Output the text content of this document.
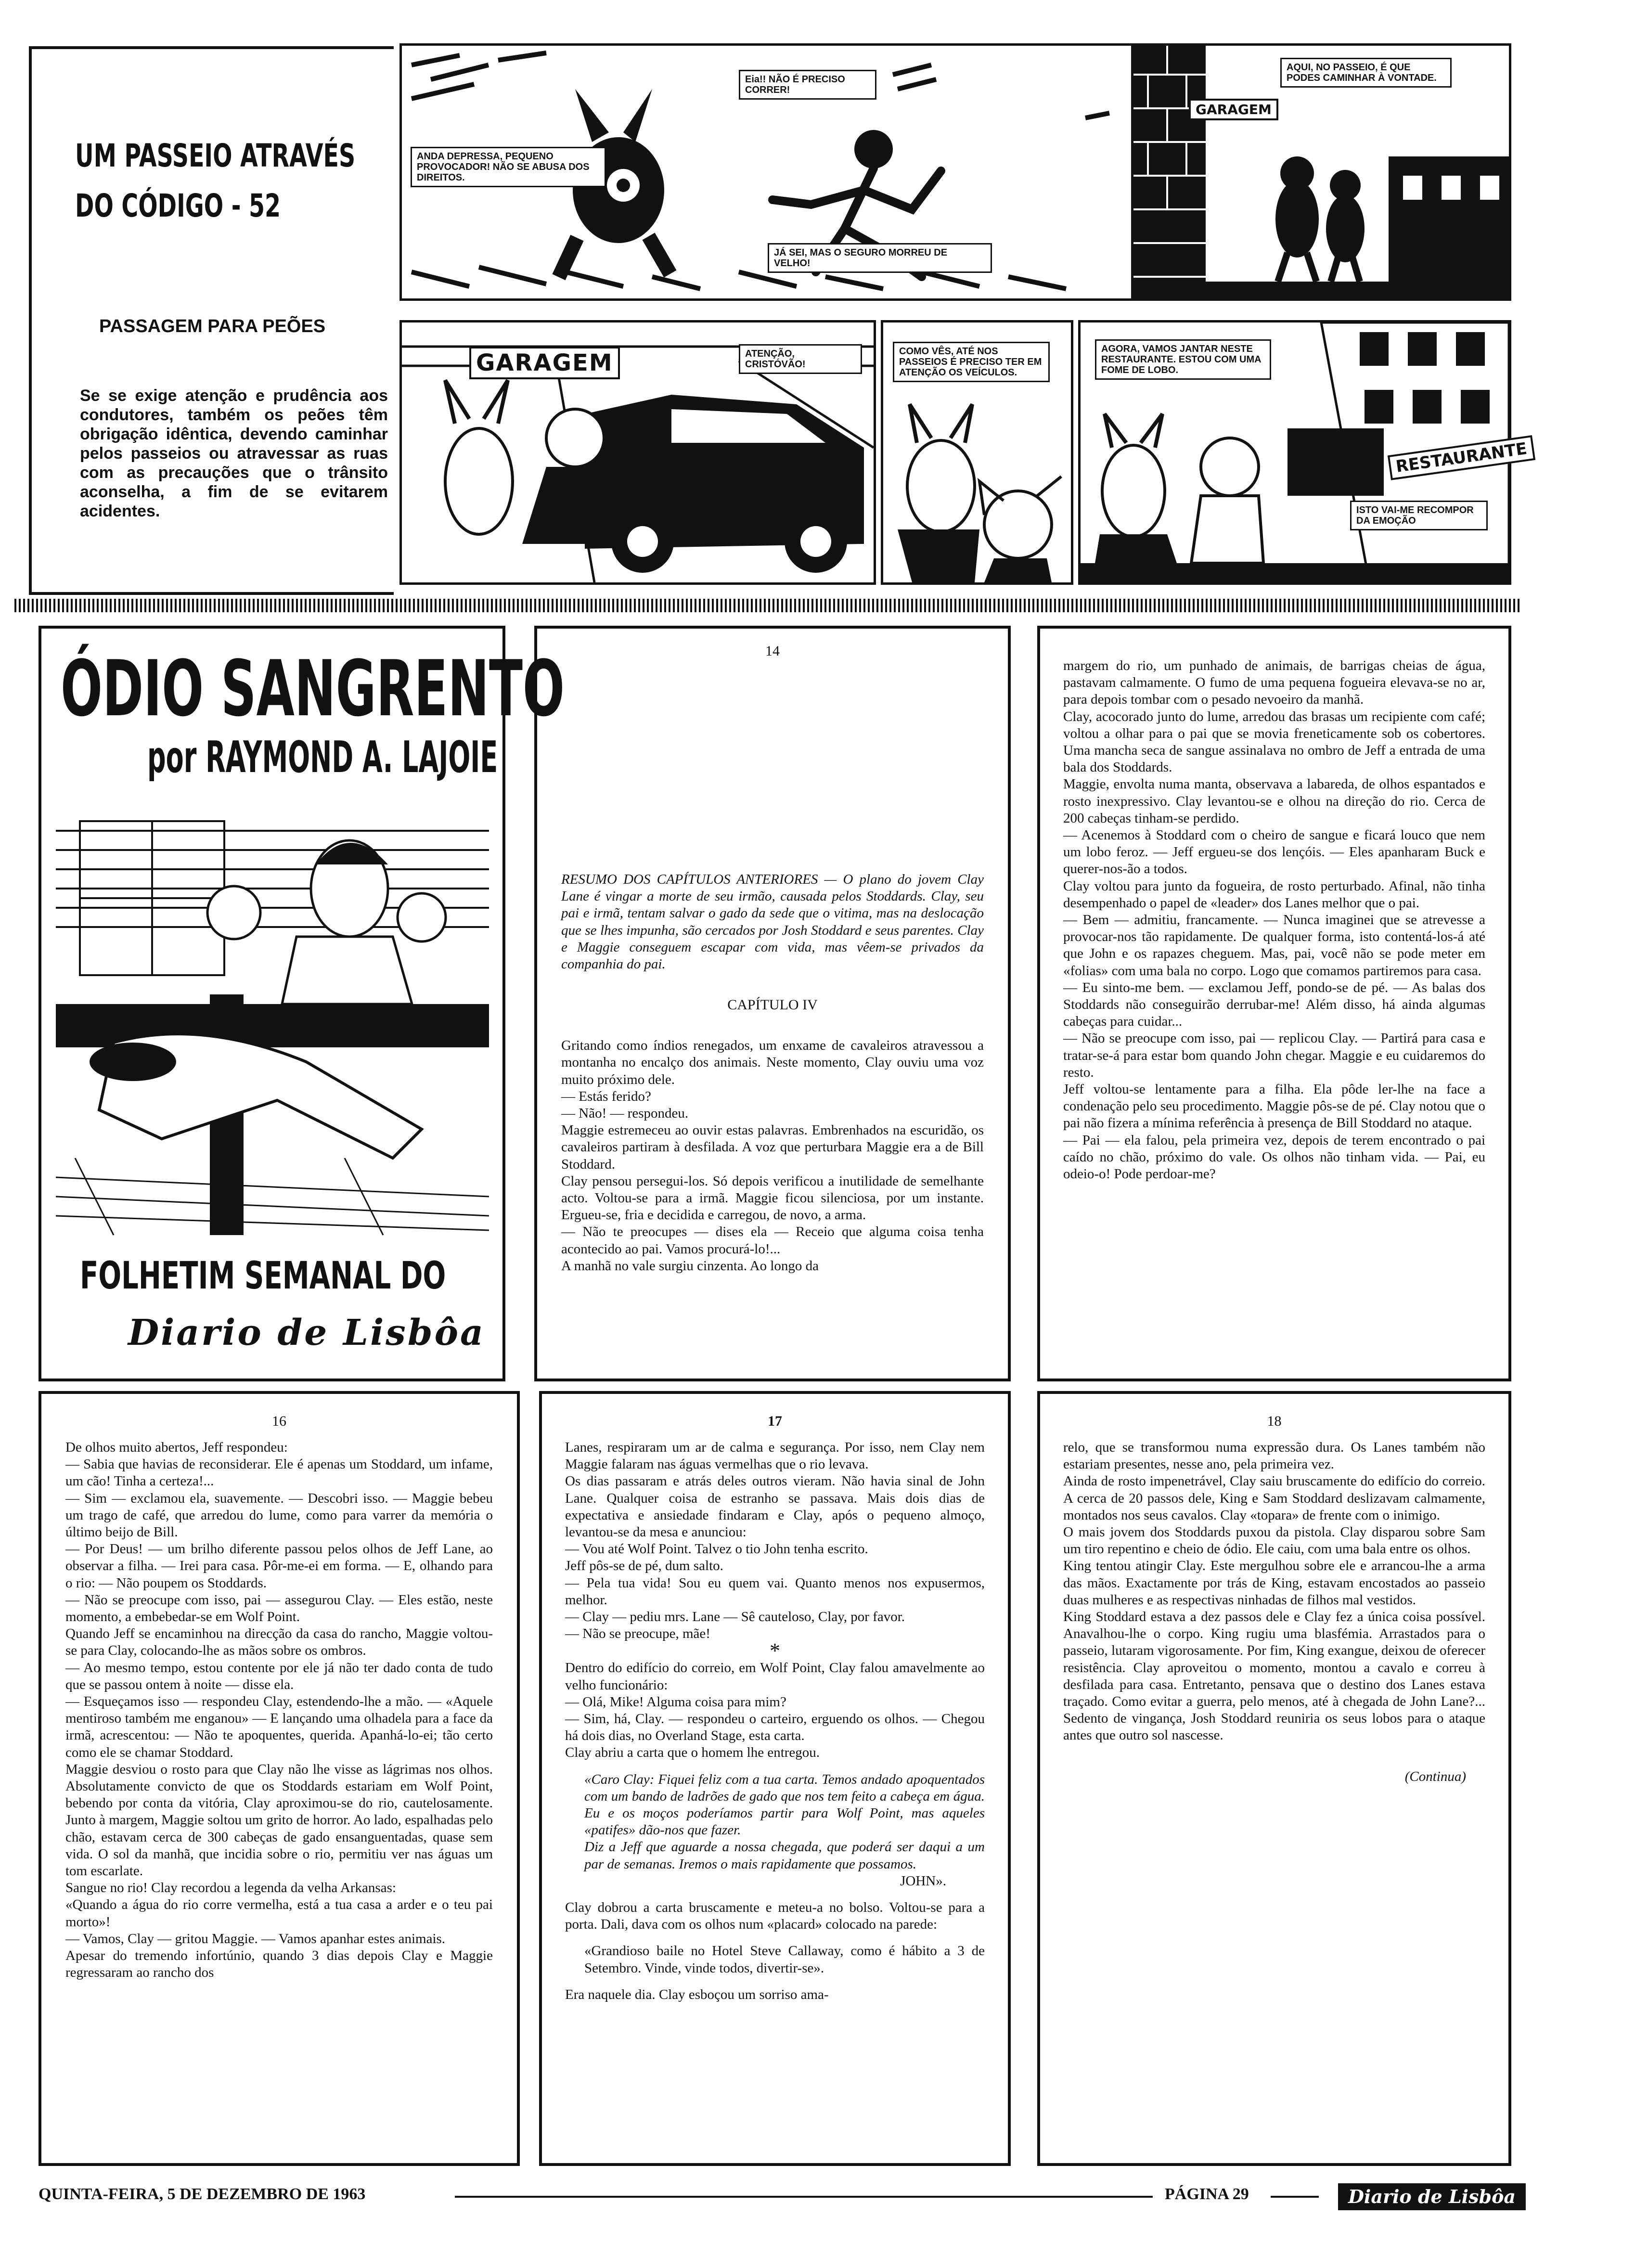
UM PASSEIO ATRAVÉS
DO CÓDIGO - 52
PASSAGEM PARA PEÕES
Se se exige atenção e prudência aos condutores, também os peões têm obrigação idêntica, devendo caminhar pelos passeios ou atravessar as ruas com as precauções que o trânsito aconselha, a fim de se evitarem acidentes.
ANDA DEPRESSA, PEQUENO PROVOCADOR! NÃO SE ABUSA DOS DIREITOS.
Eia!! NÃO É PRECISO CORRER!
JÁ SEI, MAS O SEGURO MORREU DE VELHO!
GARAGEM
AQUI, NO PASSEIO, É QUE PODES CAMINHAR À VONTADE.
GARAGEM	ATENÇÃO, CRISTÓVÃO!
COMO VÊS, ATÉ NOS PASSEIOS É PRECISO TER EM ATENÇÃO OS VEÍCULOS.
RESTAURANTE
AGORA, VAMOS JANTAR NESTE RESTAURANTE. ESTOU COM UMA FOME DE LOBO.
ISTO VAI-ME RECOMPOR DA EMOÇÃO
ÓDIO SANGRENTO
por RAYMOND A. LAJOIE
FOLHETIM SEMANAL DO
Diario de Lisbôa
14
RESUMO DOS CAPÍTULOS ANTERIORES — O plano do jovem Clay Lane é vingar a morte de seu irmão, causada pelos Stoddards. Clay, seu pai e irmã, tentam salvar o gado da sede que o vitima, mas na deslocação que se lhes impunha, são cercados por Josh Stoddard e seus parentes. Clay e Maggie conseguem escapar com vida, mas vêem-se privados da companhia do pai.
CAPÍTULO IV
Gritando como índios renegados, um enxame de cavaleiros atravessou a montanha no encalço dos animais. Neste momento, Clay ouviu uma voz muito próximo dele.
— Estás ferido?
— Não! — respondeu.
Maggie estremeceu ao ouvir estas palavras. Embrenhados na escuridão, os cavaleiros partiram à desfilada. A voz que perturbara Maggie era a de Bill Stoddard.
Clay pensou persegui-los. Só depois verificou a inutilidade de semelhante acto. Voltou-se para a irmã. Maggie ficou silenciosa, por um instante. Ergueu-se, fria e decidida e carregou, de novo, a arma.
— Não te preocupes — dises ela — Receio que alguma coisa tenha acontecido ao pai. Vamos procurá-lo!...
A manhã no vale surgiu cinzenta. Ao longo da
margem do rio, um punhado de animais, de barrigas cheias de água, pastavam calmamente. O fumo de uma pequena fogueira elevava-se no ar, para depois tombar com o pesado nevoeiro da manhã.
Clay, acocorado junto do lume, arredou das brasas um recipiente com café; voltou a olhar para o pai que se movia freneticamente sob os cobertores. Uma mancha seca de sangue assinalava no ombro de Jeff a entrada de uma bala dos Stoddards.
Maggie, envolta numa manta, observava a labareda, de olhos espantados e rosto inexpressivo. Clay levantou-se e olhou na direção do rio. Cerca de 200 cabeças tinham-se perdido.
— Acenemos à Stoddard com o cheiro de sangue e ficará louco que nem um lobo feroz. — Jeff ergueu-se dos lençóis. — Eles apanharam Buck e querer-nos-ão a todos.
Clay voltou para junto da fogueira, de rosto perturbado. Afinal, não tinha desempenhado o papel de «leader» dos Lanes melhor que o pai.
— Bem — admitiu, francamente. — Nunca imaginei que se atrevesse a provocar-nos tão rapidamente. De qualquer forma, isto contentá-los-á até que John e os rapazes cheguem. Mas, pai, você não se pode meter em «folias» com uma bala no corpo. Logo que comamos partiremos para casa.
— Eu sinto-me bem. — exclamou Jeff, pondo-se de pé. — As balas dos Stoddards não conseguirão derrubar-me! Além disso, há ainda algumas cabeças para cuidar...
— Não se preocupe com isso, pai — replicou Clay. — Partirá para casa e tratar-se-á para estar bom quando John chegar. Maggie e eu cuidaremos do resto.
Jeff voltou-se lentamente para a filha. Ela pôde ler-lhe na face a condenação pelo seu procedimento. Maggie pôs-se de pé. Clay notou que o pai não fizera a mínima referência à presença de Bill Stoddard no ataque.
— Pai — ela falou, pela primeira vez, depois de terem encontrado o pai caído no chão, próximo do vale. Os olhos não tinham vida. — Pai, eu odeio-o! Pode perdoar-me?
16
De olhos muito abertos, Jeff respondeu:
— Sabia que havias de reconsiderar. Ele é apenas um Stoddard, um infame, um cão! Tinha a certeza!...
— Sim — exclamou ela, suavemente. — Descobri isso. — Maggie bebeu um trago de café, que arredou do lume, como para varrer da memória o último beijo de Bill.
— Por Deus! — um brilho diferente passou pelos olhos de Jeff Lane, ao observar a filha. — Irei para casa. Pôr-me-ei em forma. — E, olhando para o rio: — Não poupem os Stoddards.
— Não se preocupe com isso, pai — assegurou Clay. — Eles estão, neste momento, a embebedar-se em Wolf Point.
Quando Jeff se encaminhou na direcção da casa do rancho, Maggie voltou-se para Clay, colocando-lhe as mãos sobre os ombros.
— Ao mesmo tempo, estou contente por ele já não ter dado conta de tudo que se passou ontem à noite — disse ela.
— Esqueçamos isso — respondeu Clay, estendendo-lhe a mão. — «Aquele mentiroso também me enganou» — E lançando uma olhadela para a face da irmã, acrescentou: — Não te apoquentes, querida. Apanhá-lo-ei; tão certo como ele se chamar Stoddard.
Maggie desviou o rosto para que Clay não lhe visse as lágrimas nos olhos. Absolutamente convicto de que os Stoddards estariam em Wolf Point, bebendo por conta da vitória, Clay aproximou-se do rio, cautelosamente. Junto à margem, Maggie soltou um grito de horror. Ao lado, espalhadas pelo chão, estavam cerca de 300 cabeças de gado ensanguentadas, quase sem vida. O sol da manhã, que incidia sobre o rio, permitiu ver nas águas um tom escarlate.
Sangue no rio! Clay recordou a legenda da velha Arkansas:
«Quando a água do rio corre vermelha, está a tua casa a arder e o teu pai morto»!
— Vamos, Clay — gritou Maggie. — Vamos apanhar estes animais.
Apesar do tremendo infortúnio, quando 3 dias depois Clay e Maggie regressaram ao rancho dos
17
Lanes, respiraram um ar de calma e segurança. Por isso, nem Clay nem Maggie falaram nas águas vermelhas que o rio levava.
Os dias passaram e atrás deles outros vieram. Não havia sinal de John Lane. Qualquer coisa de estranho se passava. Mais dois dias de expectativa e ansiedade findaram e Clay, após o pequeno almoço, levantou-se da mesa e anunciou:
— Vou até Wolf Point. Talvez o tio John tenha escrito.
Jeff pôs-se de pé, dum salto.
— Pela tua vida! Sou eu quem vai. Quanto menos nos expusermos, melhor.
— Clay — pediu mrs. Lane — Sê cauteloso, Clay, por favor.
— Não se preocupe, mãe!
*
Dentro do edifício do correio, em Wolf Point, Clay falou amavelmente ao velho funcionário:
— Olá, Mike! Alguma coisa para mim?
— Sim, há, Clay. — respondeu o carteiro, erguendo os olhos. — Chegou há dois dias, no Overland Stage, esta carta.
Clay abriu a carta que o homem lhe entregou.
«Caro Clay: Fiquei feliz com a tua carta. Temos andado apoquentados com um bando de ladrões de gado que nos tem feito a cabeça em água. Eu e os moços poderíamos partir para Wolf Point, mas aqueles «patifes» dão-nos que fazer.
Diz a Jeff que aguarde a nossa chegada, que poderá ser daqui a um par de semanas. Iremos o mais rapidamente que possamos.
JOHN».
Clay dobrou a carta bruscamente e meteu-a no bolso. Voltou-se para a porta. Dali, dava com os olhos num «placard» colocado na parede:
«Grandioso baile no Hotel Steve Callaway, como é hábito a 3 de Setembro. Vinde, vinde todos, divertir-se».
Era naquele dia. Clay esboçou um sorriso ama-
18
relo, que se transformou numa expressão dura. Os Lanes também não estariam presentes, nesse ano, pela primeira vez.
Ainda de rosto impenetrável, Clay saiu bruscamente do edifício do correio. A cerca de 20 passos dele, King e Sam Stoddard deslizavam calmamente, montados nos seus cavalos. Clay «topara» de frente com o inimigo.
O mais jovem dos Stoddards puxou da pistola. Clay disparou sobre Sam um tiro repentino e cheio de ódio. Ele caiu, com uma bala entre os olhos.
King tentou atingir Clay. Este mergulhou sobre ele e arrancou-lhe a arma das mãos. Exactamente por trás de King, estavam encostados ao passeio duas mulheres e as respectivas ninhadas de filhos mal vestidos.
King Stoddard estava a dez passos dele e Clay fez a única coisa possível. Anavalhou-lhe o corpo. King rugiu uma blasfémia. Arrastados para o passeio, lutaram vigorosamente. Por fim, King exangue, deixou de oferecer resistência. Clay aproveitou o momento, montou a cavalo e correu à desfilada para casa. Entretanto, pensava que o destino dos Lanes estava traçado. Como evitar a guerra, pelo menos, até à chegada de John Lane?... Sedento de vingança, Josh Stoddard reuniria os seus lobos para o ataque antes que outro sol nascesse.
(Continua)
QUINTA-FEIRA, 5 DE DEZEMBRO DE 1963	PÁGINA 29	Diario de Lisbôa
